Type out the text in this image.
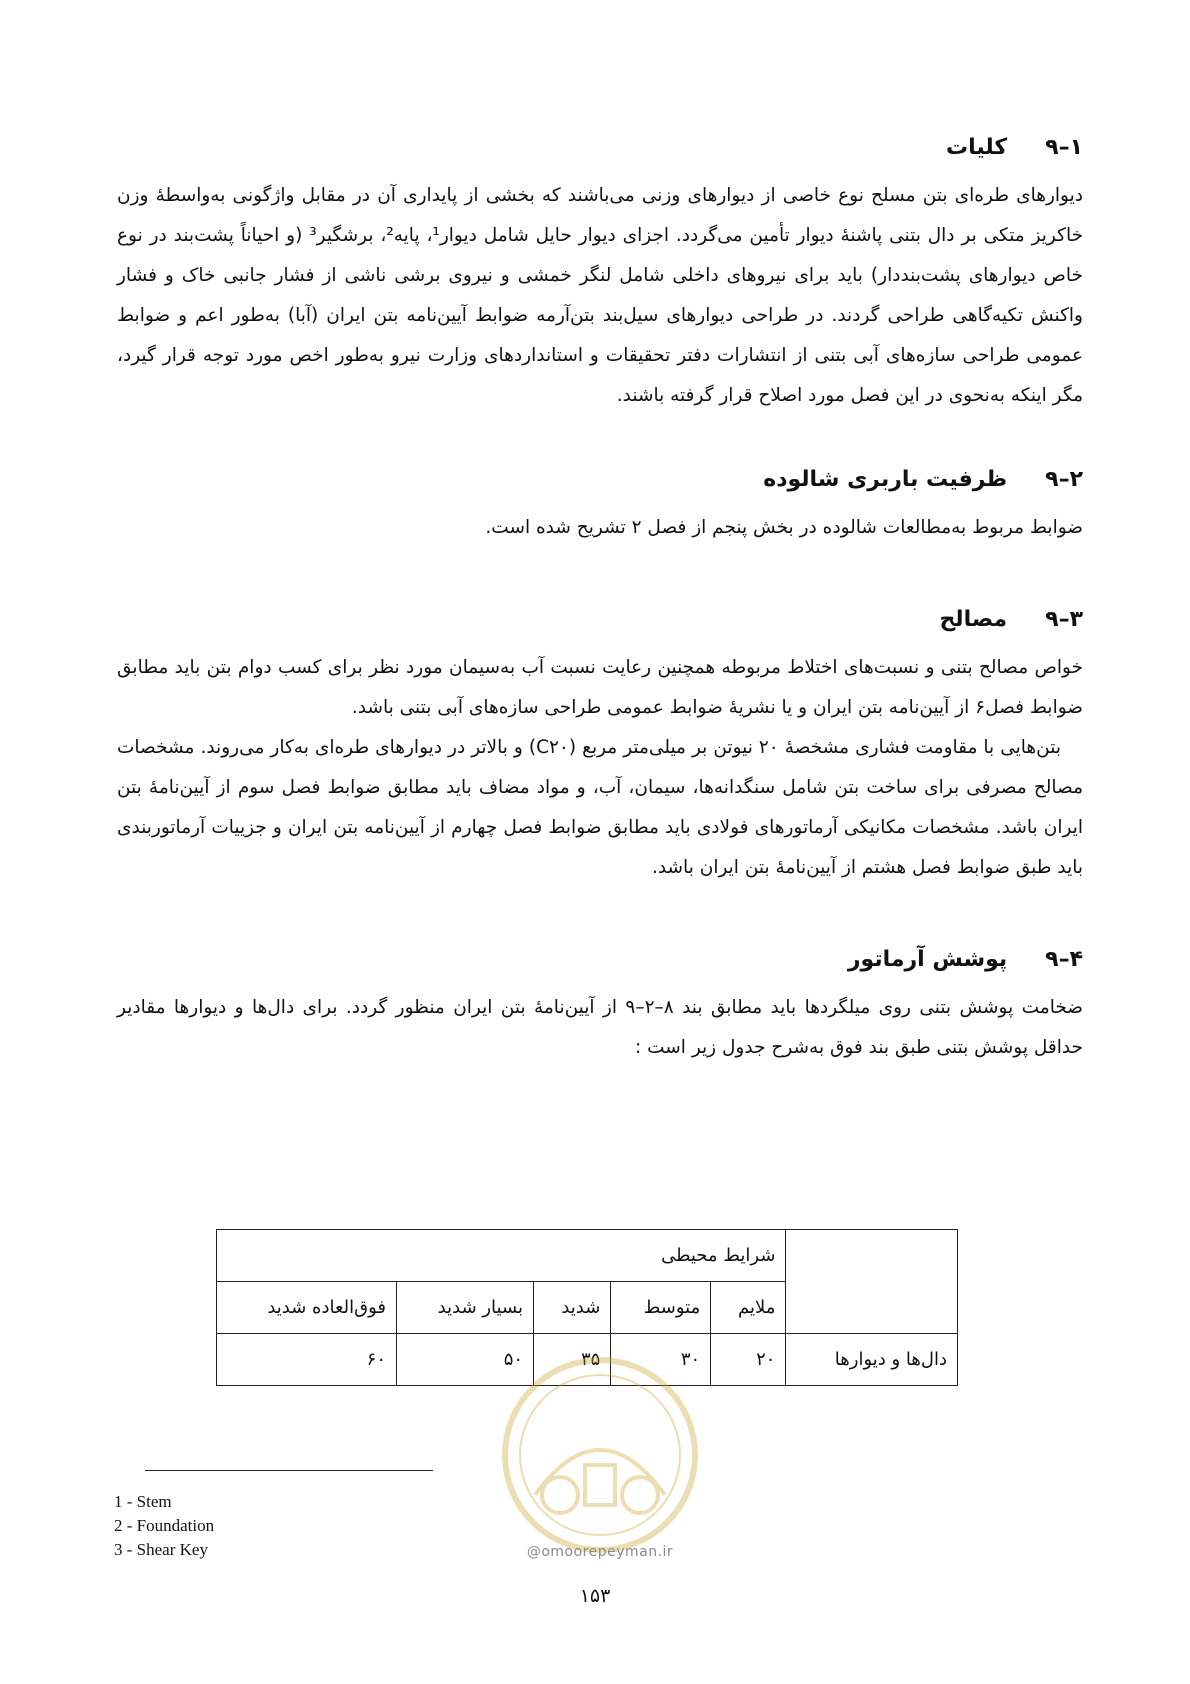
۹–۱
کلیات

دیوارهای طره‌ای بتن مسلح نوع خاصی از دیوارهای وزنی می‌باشند که بخشی از پایداری آن در مقابل واژگونی به‌واسطهٔ وزن خاکریز متکی بر دال بتنی پاشنهٔ دیوار تأمین می‌گردد. اجزای دیوار حایل شامل دیوار¹، پایه²، برشگیر³ (و احیاناً پشت‌بند در نوع خاص دیوارهای پشت‌بنددار) باید برای نیروهای داخلی شامل لنگر خمشی و نیروی برشی ناشی از فشار جانبی خاک و فشار واکنش تکیه‌گاهی طراحی گردند. در طراحی دیوارهای سیل‌بند بتن‌آرمه ضوابط آیین‌نامه بتن ایران (آبا) به‌طور اعم و ضوابط عمومی طراحی سازه‌های آبی بتنی از انتشارات دفتر تحقیقات و استانداردهای وزارت نیرو به‌طور اخص مورد توجه قرار گیرد، مگر اینکه به‌نحوی در این فصل مورد اصلاح قرار گرفته باشند.

۹–۲
ظرفیت باربری شالوده

ضوابط مربوط به‌مطالعات شالوده در بخش پنجم از فصل ۲ تشریح شده است.

۹–۳
مصالح

خواص مصالح بتنی و نسبت‌های اختلاط مربوطه همچنین رعایت نسبت آب به‌سیمان مورد نظر برای کسب دوام بتن باید مطابق ضوابط فصل۶ از آیین‌نامه بتن ایران و یا نشریهٔ ضوابط عمومی طراحی سازه‌های آبی بتنی باشد.

بتن‌هایی با مقاومت فشاری مشخصهٔ ۲۰ نیوتن بر میلی‌متر مربع (C۲۰) و بالاتر در دیوارهای طره‌ای به‌کار می‌روند. مشخصات مصالح مصرفی برای ساخت بتن شامل سنگدانه‌ها، سیمان، آب، و مواد مضاف باید مطابق ضوابط فصل سوم از آیین‌نامهٔ بتن ایران باشد. مشخصات مکانیکی آرماتورهای فولادی باید مطابق ضوابط فصل چهارم از آیین‌نامه بتن ایران و جزییات آرماتوربندی باید طبق ضوابط فصل هشتم از آیین‌نامهٔ بتن ایران باشد.

۹–۴
پوشش آرماتور

ضخامت پوشش بتنی روی میلگردها باید مطابق بند ۸–۲–۹ از آیین‌نامهٔ بتن ایران منظور گردد. برای دال‌ها و دیوارها مقادیر حداقل پوشش بتنی طبق بند فوق به‌شرح جدول زیر است :

	شرایط محیطی				
	ملایم	متوسط	شدید	بسیار شدید	فوق‌العاده شدید
دال‌ها و دیوارها	۲۰	۳۰	۳۵	۵۰	۶۰
@omoorepeyman.ir
1 - Stem
2 - Foundation
3 - Shear Key
۱۵۳
